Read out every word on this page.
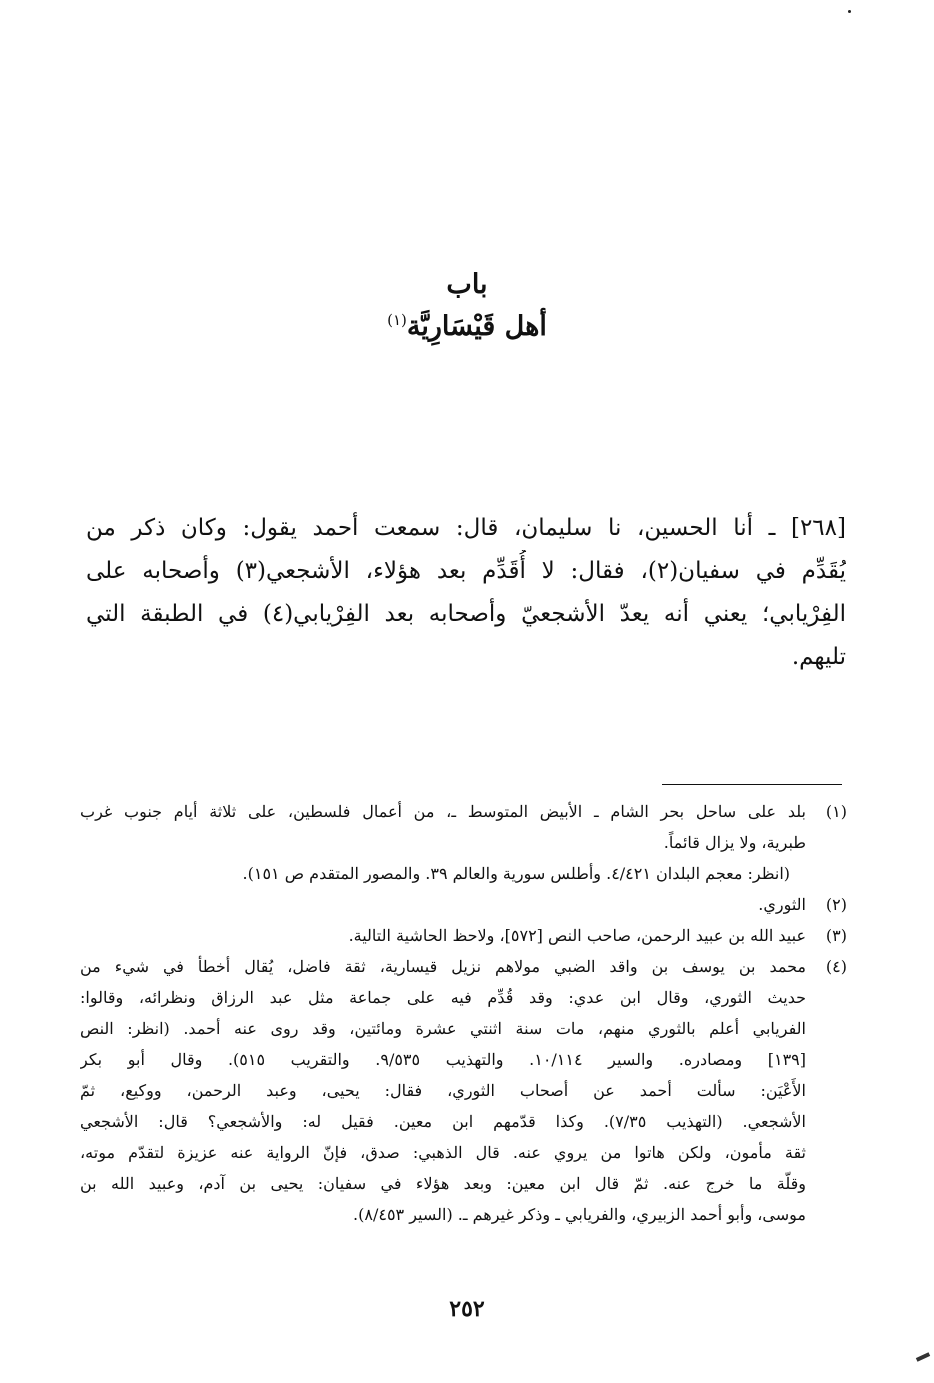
باب
أهل قَيْسَارِيَّة$^{(١)}$
[٢٦٨] ـ أنا الحسين، نا سليمان، قال: سمعت أحمد يقول: وكان ذكر من
يُقَدِّم في سفيان(٢)، فقال: لا أُقَدِّم بعد هؤلاء، الأشجعي(٣) وأصحابه على
الفِرْيابي؛ يعني أنه يعدّ الأشجعيّ وأصحابه بعد الفِرْيابي(٤) في الطبقة التي
تليهم.
(١)
بلد على ساحل بحر الشام ـ الأبيض المتوسط ـ، من أعمال فلسطين، على ثلاثة أيام جنوب غرب
طبرية، ولا يزال قائماً.
(انظر: معجم البلدان ٤/٤٢١. وأطلس سورية والعالم ٣٩. والمصور المتقدم ص ١٥١).
(٢)
الثوري.
(٣)
عبيد الله بن عبيد الرحمن، صاحب النص [٥٧٢]، ولاحظ الحاشية التالية.
(٤)
محمد بن يوسف بن واقد الضبي مولاهم نزيل قيسارية، ثقة فاضل، يُقال أخطأ في شيء من
حديث الثوري، وقال ابن عدي: وقد قُدِّم فيه على جماعة مثل عبد الرزاق ونظرائه، وقالوا:
الفريابي أعلم بالثوري منهم، مات سنة اثنتي عشرة ومائتين، وقد روى عنه أحمد. (انظر: النص
[١٣٩] ومصادره. والسير ١٠/١١٤. والتهذيب ٩/٥٣٥. والتقريب ٥١٥). وقال أبو بكر
الأَعْيَن: سألت أحمد عن أصحاب الثوري، فقال: يحيى، وعبد الرحمن، ووكيع، ثمّ
الأشجعي. (التهذيب ٧/٣٥). وكذا قدّمهم ابن معين. فقيل له: والأشجعي؟ قال: الأشجعي
ثقة مأمون، ولكن هاتوا من يروي عنه. قال الذهبي: صدق، فإنّ الرواية عنه عزيزة لتقدّم موته،
وقلّة ما خرج عنه. ثمّ قال ابن معين: وبعد هؤلاء في سفيان: يحيى بن آدم، وعبيد الله بن
موسى، وأبو أحمد الزبيري، والفريابي ـ وذكر غيرهم ـ. (السير ٨/٤٥٣).
٢٥٢
